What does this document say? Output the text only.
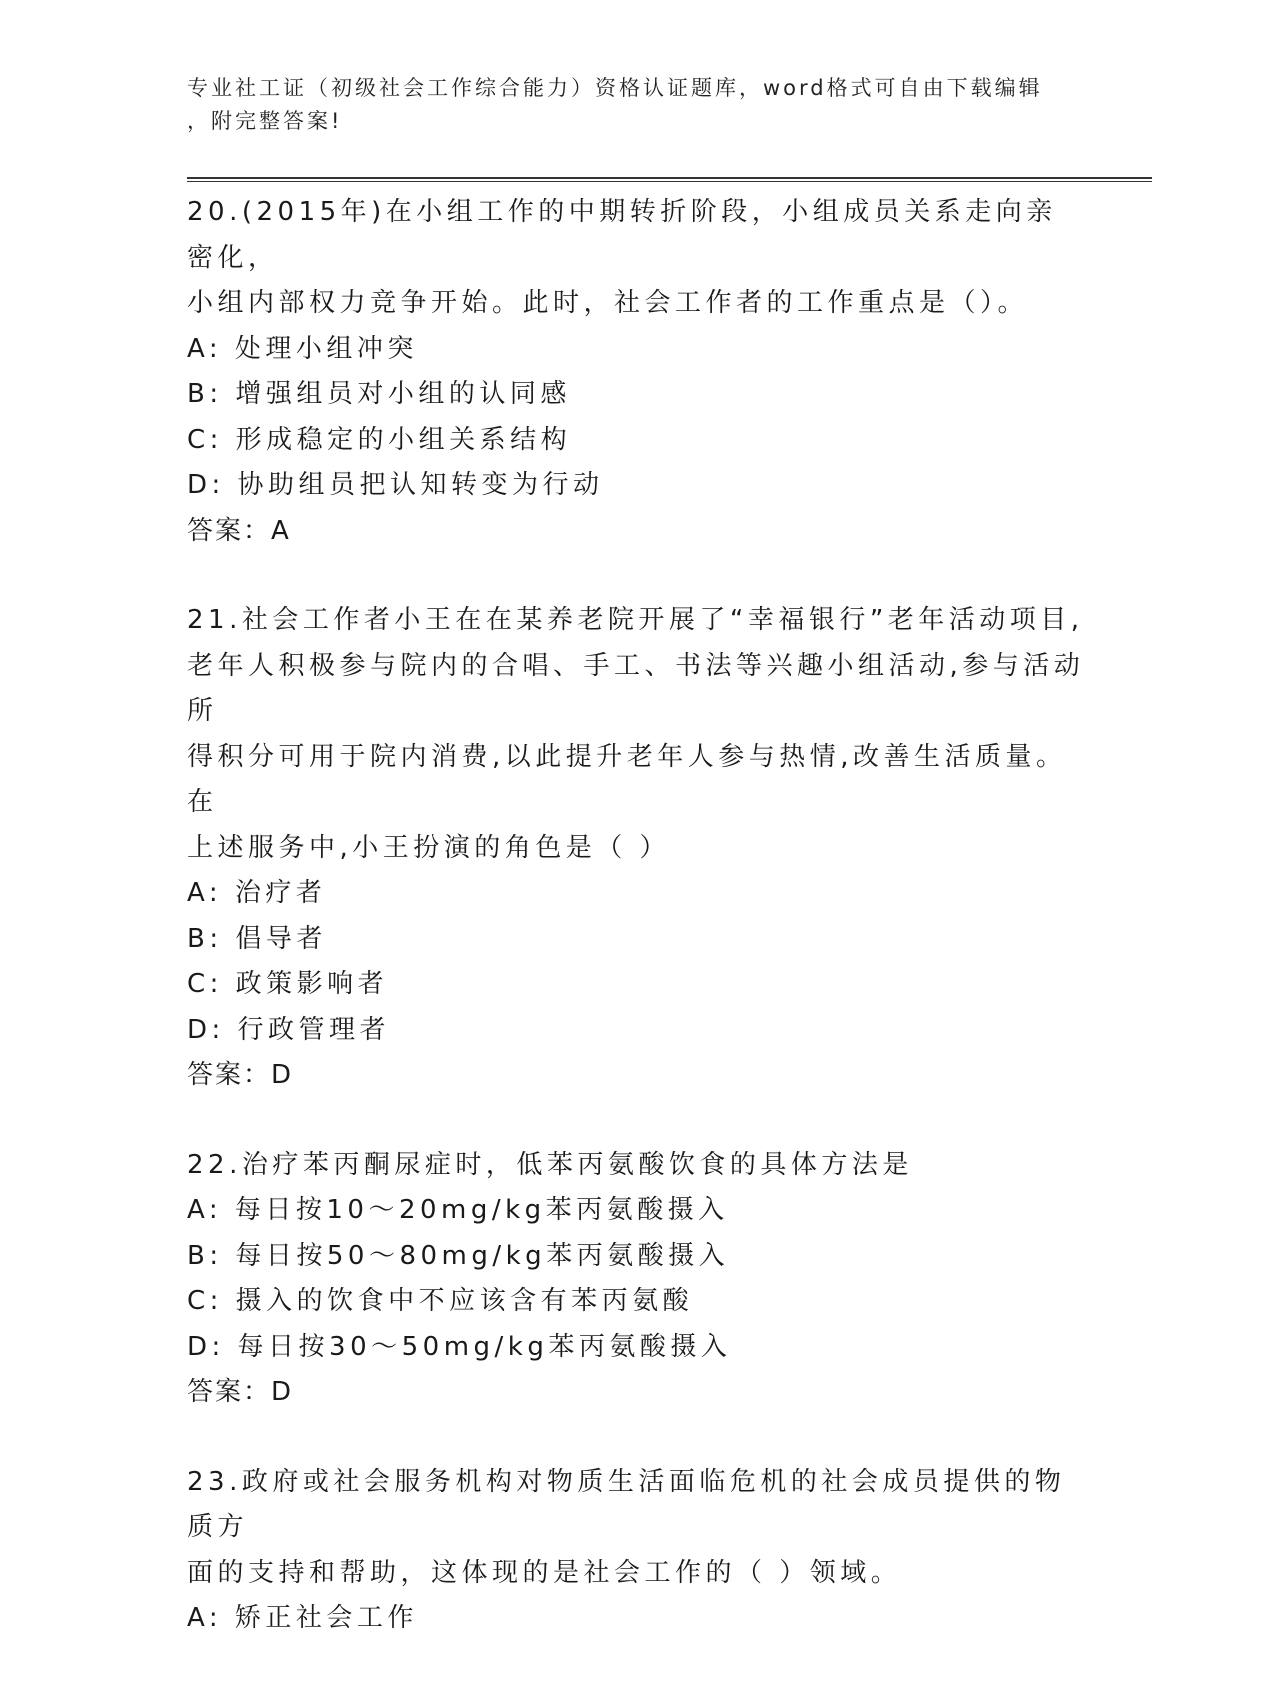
专业社工证（初级社会工作综合能力）资格认证题库，word格式可自由下载编辑
，附完整答案!

20.(2015年)在小组工作的中期转折阶段，小组成员关系走向亲密化，

小组内部权力竞争开始。此时，社会工作者的工作重点是（）。

A: 处理小组冲突

B: 增强组员对小组的认同感

C: 形成稳定的小组关系结构

D: 协助组员把认知转变为行动

答案：A

21.社会工作者小王在在某养老院开展了“幸福银行”老年活动项目,

老年人积极参与院内的合唱、手工、书法等兴趣小组活动,参与活动所

得积分可用于院内消费,以此提升老年人参与热情,改善生活质量。在

上述服务中,小王扮演的角色是（ ）

A: 治疗者

B: 倡导者

C: 政策影响者

D: 行政管理者

答案：D

22.治疗苯丙酮尿症时，低苯丙氨酸饮食的具体方法是

A: 每日按10～20mg/kg苯丙氨酸摄入

B: 每日按50～80mg/kg苯丙氨酸摄入

C: 摄入的饮食中不应该含有苯丙氨酸

D: 每日按30～50mg/kg苯丙氨酸摄入

答案：D

23.政府或社会服务机构对物质生活面临危机的社会成员提供的物质方

面的支持和帮助，这体现的是社会工作的（ ）领域。

A: 矫正社会工作
